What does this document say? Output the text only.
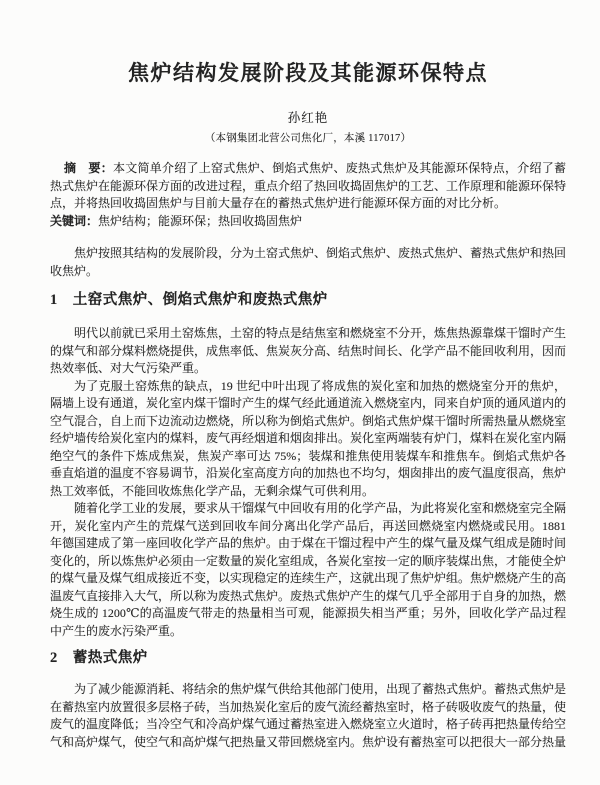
焦炉结构发展阶段及其能源环保特点
孙红艳
（本钢集团北营公司焦化厂，本溪 117017）

摘　要：本文简单介绍了上窑式焦炉、倒焰式焦炉、废热式焦炉及其能源环保特点，介绍了蓄热式焦炉在能源环保方面的改进过程，重点介绍了热回收捣固焦炉的工艺、工作原理和能源环保特点，并将热回收捣固焦炉与目前大量存在的蓄热式焦炉进行能源环保方面的对比分析。

关键词：焦炉结构；能源环保；热回收捣固焦炉

焦炉按照其结构的发展阶段，分为土窑式焦炉、倒焰式焦炉、废热式焦炉、蓄热式焦炉和热回收焦炉。

1　土窑式焦炉、倒焰式焦炉和废热式焦炉

明代以前就已采用土窑炼焦，土窑的特点是结焦室和燃烧室不分开，炼焦热源靠煤干馏时产生的煤气和部分煤料燃烧提供，成焦率低、焦炭灰分高、结焦时间长、化学产品不能回收利用，因而热效率低、对大气污染严重。

为了克服土窑炼焦的缺点，19 世纪中叶出现了将成焦的炭化室和加热的燃烧室分开的焦炉，隔墙上设有通道，炭化室内煤干馏时产生的煤气经此通道流入燃烧室内，同来自炉顶的通风道内的空气混合，自上而下边流动边燃烧，所以称为倒焰式焦炉。倒焰式焦炉煤干馏时所需热量从燃烧室经炉墙传给炭化室内的煤料，废气再经烟道和烟囱排出。炭化室两端装有炉门，煤料在炭化室内隔绝空气的条件下炼成焦炭，焦炭产率可达 75%；装煤和推焦使用装煤车和推焦车。倒焰式焦炉各垂直焰道的温度不容易调节，沿炭化室高度方向的加热也不均匀，烟囱排出的废气温度很高，焦炉热工效率低，不能回收炼焦化学产品，无剩余煤气可供利用。

随着化学工业的发展，要求从干馏煤气中回收有用的化学产品，为此将炭化室和燃烧室完全隔开，炭化室内产生的荒煤气送到回收车间分离出化学产品后，再送回燃烧室内燃烧或民用。1881 年德国建成了第一座回收化学产品的焦炉。由于煤在干馏过程中产生的煤气量及煤气组成是随时间变化的，所以炼焦炉必须由一定数量的炭化室组成，各炭化室按一定的顺序装煤出焦，才能使全炉的煤气量及煤气组成接近不变，以实现稳定的连续生产，这就出现了焦炉炉组。焦炉燃烧产生的高温废气直接排入大气，所以称为废热式焦炉。废热式焦炉产生的煤气几乎全部用于自身的加热，燃烧生成的 1200℃的高温废气带走的热量相当可观，能源损失相当严重；另外，回收化学产品过程中产生的废水污染严重。

2　蓄热式焦炉

为了减少能源消耗、将结余的焦炉煤气供给其他部门使用，出现了蓄热式焦炉。蓄热式焦炉是在蓄热室内放置很多层格子砖，当加热炭化室后的废气流经蓄热室时，格子砖吸收废气的热量，使废气的温度降低；当冷空气和冷高炉煤气通过蓄热室进入燃烧室立火道时，格子砖再把热量传给空气和高炉煤气，使空气和高炉煤气把热量又带回燃烧室内。焦炉设有蓄热室可以把很大一部分热量
